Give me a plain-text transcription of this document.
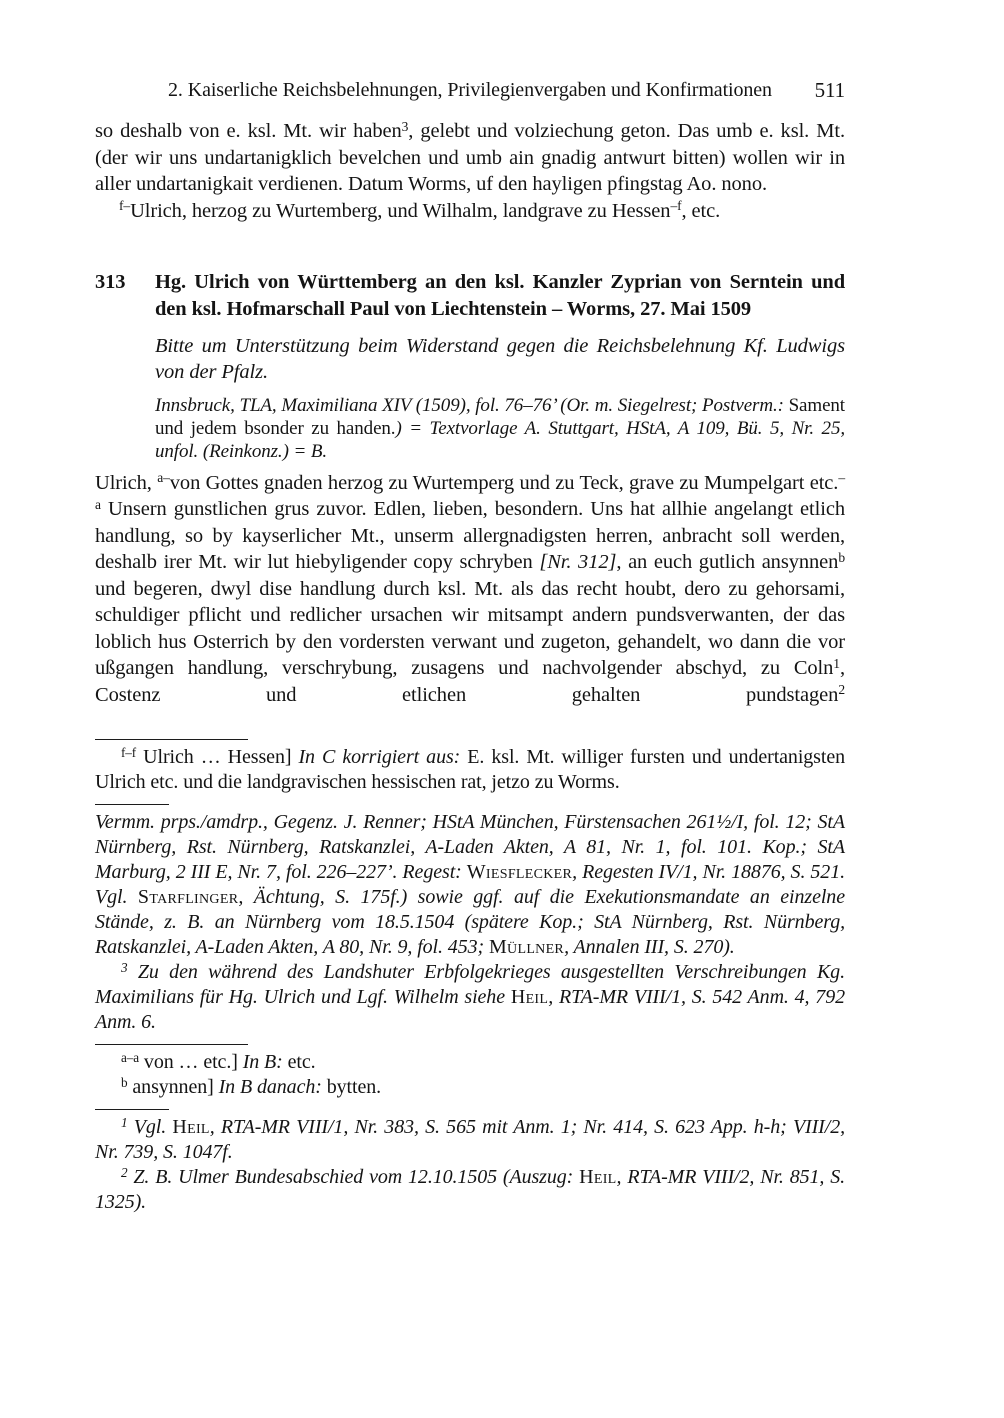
2. Kaiserliche Reichsbelehnungen, Privilegienvergaben und Konfirmationen 511

so deshalb von e. ksl. Mt. wir haben$^3$, gelebt und volziechung geton. Das umb e. ksl. Mt. (der wir uns undartanigklich bevelchen und umb ain gnadig antwurt bitten) wollen wir in aller undartanigkait verdienen. Datum Worms, uf den hayligen pfingstag Ao. nono.

$^{f-}$Ulrich, herzog zu Wurtemberg, und Wilhalm, landgrave zu Hessen$^{-f}$, etc.

313	Hg. Ulrich von Württemberg an den ksl. Kanzler Zyprian von Serntein und den ksl. Hofmarschall Paul von Liechtenstein – Worms, 27. Mai 1509

Bitte um Unterstützung beim Widerstand gegen die Reichsbelehnung Kf. Ludwigs von der Pfalz.

Innsbruck, TLA, Maximiliana XIV (1509), fol. 76–76’ (Or. m. Siegelrest; Postverm.: Sament und jedem bsonder zu handen.) = Textvorlage A. Stuttgart, HStA, A 109, Bü. 5, Nr. 25, unfol. (Reinkonz.) = B.

Ulrich, $^{a-}$von Gottes gnaden herzog zu Wurtemperg und zu Teck, grave zu Mumpelgart etc.$^{-a}$ Unsern gunstlichen grus zuvor. Edlen, lieben, besondern. Uns hat allhie angelangt etlich handlung, so by kayserlicher Mt., unserm allergnadigsten herren, anbracht soll werden, deshalb irer Mt. wir lut hiebyligender copy schryben [Nr. 312], an euch gutlich ansynnen$^b$ und begeren, dwyl dise handlung durch ksl. Mt. als das recht houbt, dero zu gehorsami, schuldiger pflicht und redlicher ursachen wir mitsampt andern pundsverwanten, der das loblich hus Osterrich by den vordersten verwant und zugeton, gehandelt, wo dann die vor ußgangen handlung, verschrybung, zusagens und nachvolgender abschyd, zu Coln$^1$, Costenz und etlichen gehalten pundstagen$^2$

$^{f-f}$ Ulrich … Hessen] In C korrigiert aus: E. ksl. Mt. williger fursten und undertanigsten Ulrich etc. und die landgravischen hessischen rat, jetzo zu Worms.

Vermm. prps./amdrp., Gegenz. J. Renner; HStA München, Fürstensachen 261½/I, fol. 12; StA Nürnberg, Rst. Nürnberg, Ratskanzlei, A-Laden Akten, A 81, Nr. 1, fol. 101. Kop.; StA Marburg, 2 III E, Nr. 7, fol. 226–227’. Regest: Wiesflecker, Regesten IV/1, Nr. 18876, S. 521. Vgl. Starflinger, Ächtung, S. 175f.) sowie ggf. auf die Exekutionsmandate an einzelne Stände, z. B. an Nürnberg vom 18.5.1504 (spätere Kop.; StA Nürnberg, Rst. Nürnberg, Ratskanzlei, A-Laden Akten, A 80, Nr. 9, fol. 453; Müllner, Annalen III, S. 270).

$^3$ Zu den während des Landshuter Erbfolgekrieges ausgestellten Verschreibungen Kg. Maximilians für Hg. Ulrich und Lgf. Wilhelm siehe Heil, RTA-MR VIII/1, S. 542 Anm. 4, 792 Anm. 6.

$^{a-a}$ von … etc.] In B: etc.

$^b$ ansynnen] In B danach: bytten.

$^1$ Vgl. Heil, RTA-MR VIII/1, Nr. 383, S. 565 mit Anm. 1; Nr. 414, S. 623 App. h-h; VIII/2, Nr. 739, S. 1047f.

$^2$ Z. B. Ulmer Bundesabschied vom 12.10.1505 (Auszug: Heil, RTA-MR VIII/2, Nr. 851, S. 1325).
